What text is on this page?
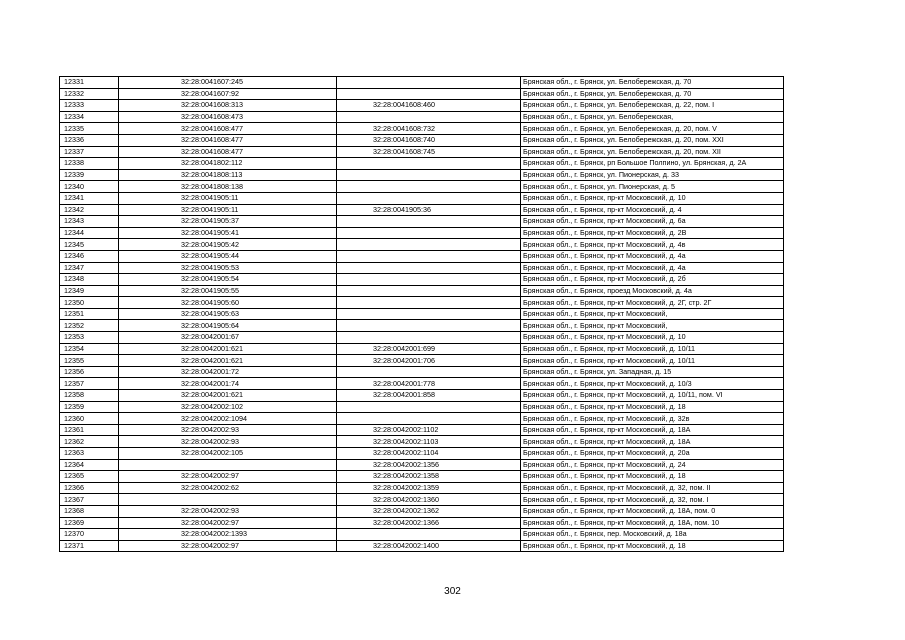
12331	32:28:0041607:245		Брянская обл., г. Брянск, ул. Белобережская, д. 70
12332	32:28:0041607:92		Брянская обл., г. Брянск, ул. Белобережская, д. 70
12333	32:28:0041608:313	32:28:0041608:460	Брянская обл., г. Брянск, ул. Белобережская, д. 22, пом. I
12334	32:28:0041608:473		Брянская обл., г. Брянск, ул. Белобережская,
12335	32:28:0041608:477	32:28:0041608:732	Брянская обл., г. Брянск, ул. Белобережская, д. 20, пом. V
12336	32:28:0041608:477	32:28:0041608:740	Брянская обл., г. Брянск, ул. Белобережская, д. 20, пом. XXI
12337	32:28:0041608:477	32:28:0041608:745	Брянская обл., г. Брянск, ул. Белобережская, д. 20, пом. XII
12338	32:28:0041802:112		Брянская обл., г. Брянск, рп Большое Полпино, ул. Брянская, д. 2А
12339	32:28:0041808:113		Брянская обл., г. Брянск, ул. Пионерская, д. 33
12340	32:28:0041808:138		Брянская обл., г. Брянск, ул. Пионерская, д. 5
12341	32:28:0041905:11		Брянская обл., г. Брянск, пр-кт Московский, д. 10
12342	32:28:0041905:11	32:28:0041905:36	Брянская обл., г. Брянск, пр-кт Московский, д. 4
12343	32:28:0041905:37		Брянская обл., г. Брянск, пр-кт Московский, д. 6а
12344	32:28:0041905:41		Брянская обл., г. Брянск, пр-кт Московский, д. 2В
12345	32:28:0041905:42		Брянская обл., г. Брянск, пр-кт Московский, д. 4в
12346	32:28:0041905:44		Брянская обл., г. Брянск, пр-кт Московский, д. 4а
12347	32:28:0041905:53		Брянская обл., г. Брянск, пр-кт Московский, д. 4а
12348	32:28:0041905:54		Брянская обл., г. Брянск, пр-кт Московский, д. 2б
12349	32:28:0041905:55		Брянская обл., г. Брянск, проезд Московский, д. 4а
12350	32:28:0041905:60		Брянская обл., г. Брянск, пр-кт Московский, д. 2Г, стр. 2Г
12351	32:28:0041905:63		Брянская обл., г. Брянск, пр-кт Московский,
12352	32:28:0041905:64		Брянская обл., г. Брянск, пр-кт Московский,
12353	32:28:0042001:67		Брянская обл., г. Брянск, пр-кт Московский, д. 10
12354	32:28:0042001:621	32:28:0042001:699	Брянская обл., г. Брянск, пр-кт Московский, д. 10/11
12355	32:28:0042001:621	32:28:0042001:706	Брянская обл., г. Брянск, пр-кт Московский, д. 10/11
12356	32:28:0042001:72		Брянская обл., г. Брянск, ул. Западная, д. 15
12357	32:28:0042001:74	32:28:0042001:778	Брянская обл., г. Брянск, пр-кт Московский, д. 10/3
12358	32:28:0042001:621	32:28:0042001:858	Брянская обл., г. Брянск, пр-кт Московский, д. 10/11, пом. VI
12359	32:28:0042002:102		Брянская обл., г. Брянск, пр-кт Московский, д. 18
12360	32:28:0042002:1094		Брянская обл., г. Брянск, пр-кт Московский, д. 32в
12361	32:28:0042002:93	32:28:0042002:1102	Брянская обл., г. Брянск, пр-кт Московский, д. 18А
12362	32:28:0042002:93	32:28:0042002:1103	Брянская обл., г. Брянск, пр-кт Московский, д. 18А
12363	32:28:0042002:105	32:28:0042002:1104	Брянская обл., г. Брянск, пр-кт Московский, д. 20а
12364		32:28:0042002:1356	Брянская обл., г. Брянск, пр-кт Московский, д. 24
12365	32:28:0042002:97	32:28:0042002:1358	Брянская обл., г. Брянск, пр-кт Московский, д. 18
12366	32:28:0042002:62	32:28:0042002:1359	Брянская обл., г. Брянск, пр-кт Московский, д. 32, пом. II
12367		32:28:0042002:1360	Брянская обл., г. Брянск, пр-кт Московский, д. 32, пом. I
12368	32:28:0042002:93	32:28:0042002:1362	Брянская обл., г. Брянск, пр-кт Московский, д. 18А, пом. 0
12369	32:28:0042002:97	32:28:0042002:1366	Брянская обл., г. Брянск, пр-кт Московский, д. 18А, пом. 10
12370	32:28:0042002:1393		Брянская обл., г. Брянск, пер. Московский, д. 18а
12371	32:28:0042002:97	32:28:0042002:1400	Брянская обл., г. Брянск, пр-кт Московский, д. 18
302
